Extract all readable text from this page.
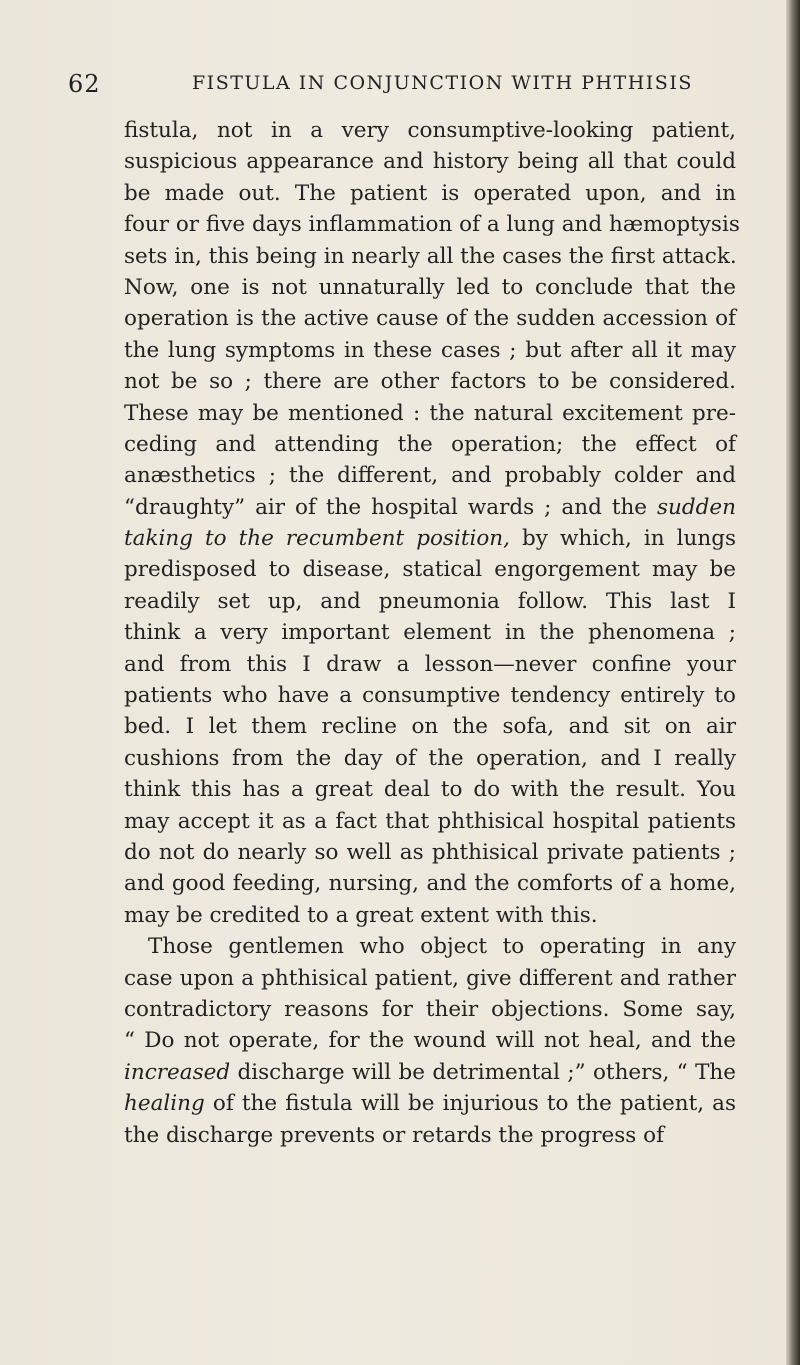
62	FISTULA IN CONJUNCTION WITH PHTHISIS
fistula, not in a very consumptive-looking patient,
suspicious appearance and history being all that could
be made out. The patient is operated upon, and in
four or five days inflammation of a lung and hæmoptysis
sets in, this being in nearly all the cases the first attack.
Now, one is not unnaturally led to conclude that the
operation is the active cause of the sudden accession of
the lung symptoms in these cases ; but after all it may
not be so ; there are other factors to be considered.
These may be mentioned : the natural excitement pre-
ceding and attending the operation; the effect of
anæsthetics ; the different, and probably colder and
“draughty” air of the hospital wards ; and the sudden
taking to the recumbent position, by which, in lungs
predisposed to disease, statical engorgement may be
readily set up, and pneumonia follow. This last I
think a very important element in the phenomena ;
and from this I draw a lesson—never confine your
patients who have a consumptive tendency entirely to
bed. I let them recline on the sofa, and sit on air
cushions from the day of the operation, and I really
think this has a great deal to do with the result. You
may accept it as a fact that phthisical hospital patients
do not do nearly so well as phthisical private patients ;
and good feeding, nursing, and the comforts of a home,
may be credited to a great extent with this.
Those gentlemen who object to operating in any
case upon a phthisical patient, give different and rather
contradictory reasons for their objections. Some say,
“ Do not operate, for the wound will not heal, and the
increased discharge will be detrimental ;” others, “ The
healing of the fistula will be injurious to the patient, as
the discharge prevents or retards the progress of
